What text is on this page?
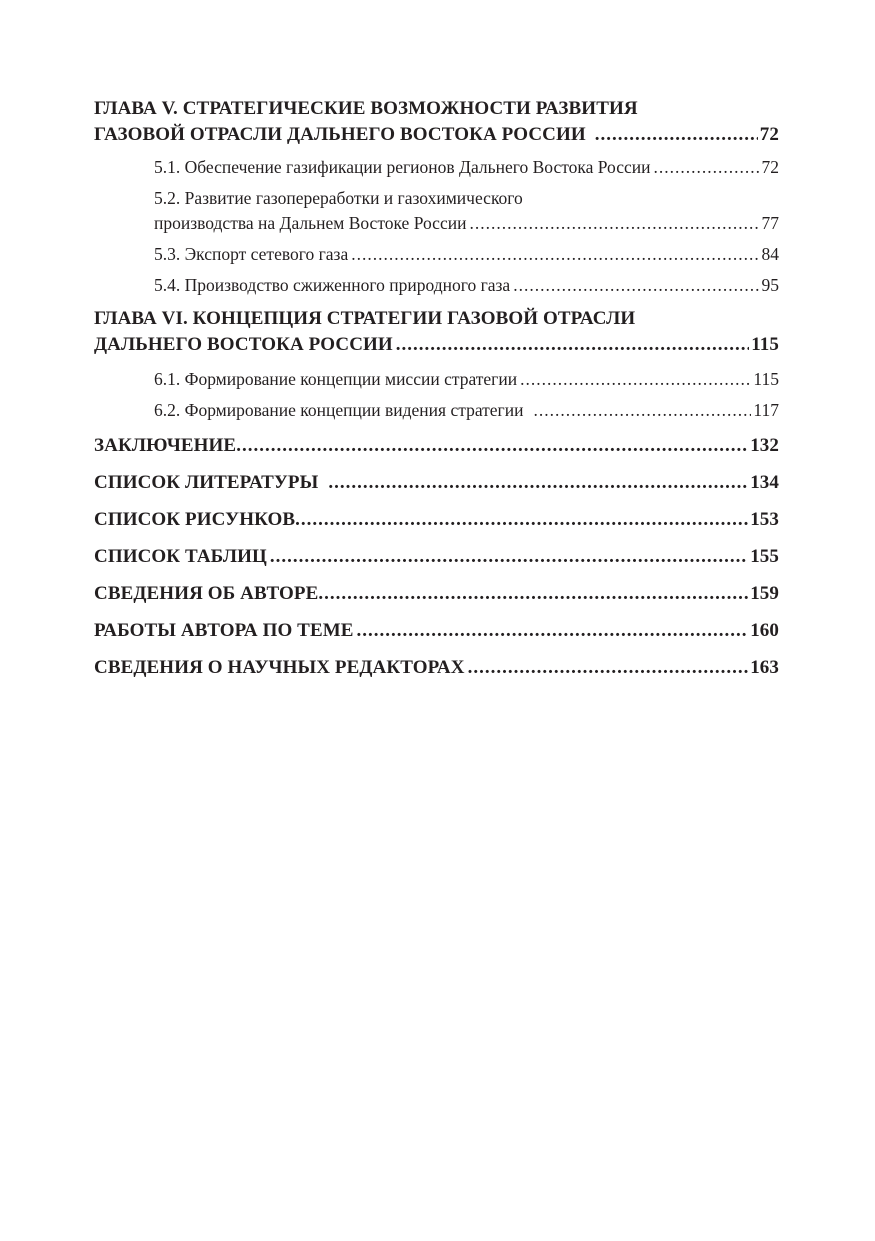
ГЛАВА V. СТРАТЕГИЧЕСКИЕ ВОЗМОЖНОСТИ РАЗВИТИЯ
ГАЗОВОЙ ОТРАСЛИ ДАЛЬНЕГО ВОСТОКА РОССИИ .....	72
5.1. Обеспечение газификации регионов Дальнего Востока России .....	72
5.2. Развитие газопереработки и газохимического
производства на Дальнем Востоке России .....	77
5.3. Экспорт сетевого газа .....	84
5.4. Производство сжиженного природного газа .....	95
ГЛАВА VI. КОНЦЕПЦИЯ СТРАТЕГИИ ГАЗОВОЙ ОТРАСЛИ
ДАЛЬНЕГО ВОСТОКА РОССИИ .....	115
6.1. Формирование концепции миссии стратегии .....	115
6.2. Формирование концепции видения стратегии .....	117
ЗАКЛЮЧЕНИЕ .....	132
СПИСОК ЛИТЕРАТУРЫ .....	134
СПИСОК РИСУНКОВ .....	153
СПИСОК ТАБЛИЦ .....	155
СВЕДЕНИЯ ОБ АВТОРЕ .....	159
РАБОТЫ АВТОРА ПО ТЕМЕ .....	160
СВЕДЕНИЯ О НАУЧНЫХ РЕДАКТОРАХ .....	163
